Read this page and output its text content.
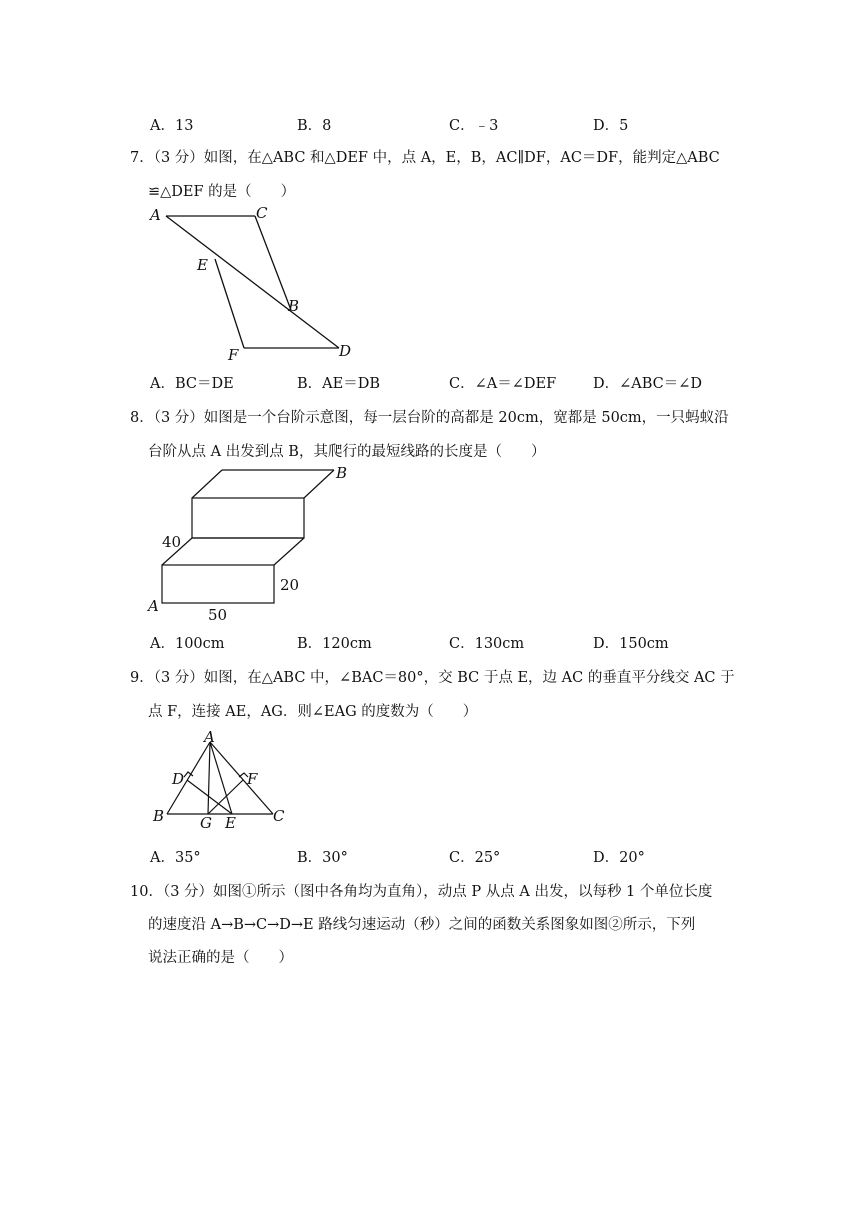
A．13	B．8	C．﹣3	D．5
7．（3 分）如图，在△ABC 和△DEF 中，点 A，E，B，AC∥DF，AC＝DF，能判定△ABC
≌△DEF 的是（　　）
A	C
E
B
F	D
A．BC＝DE	B．AE＝DB	C．∠A＝∠DEF	D．∠ABC＝∠D
8．（3 分）如图是一个台阶示意图，每一层台阶的高都是 20cm，宽都是 50cm，一只蚂蚁沿
台阶从点 A 出发到点 B，其爬行的最短线路的长度是（　　）
B
40
20
A	50
A．100cm	B．120cm	C．130cm	D．150cm
9．（3 分）如图，在△ABC 中，∠BAC＝80°，交 BC 于点 E，边 AC 的垂直平分线交 AC 于
点 F，连接 AE，AG．则∠EAG 的度数为（　　）
A
D	F
B G E C
A．35°	B．30°	C．25°	D．20°
10．（3 分）如图①所示（图中各角均为直角），动点 P 从点 A 出发，以每秒 1 个单位长度
的速度沿 A→B→C→D→E 路线匀速运动（秒）之间的函数关系图象如图②所示，下列
说法正确的是（　　）
